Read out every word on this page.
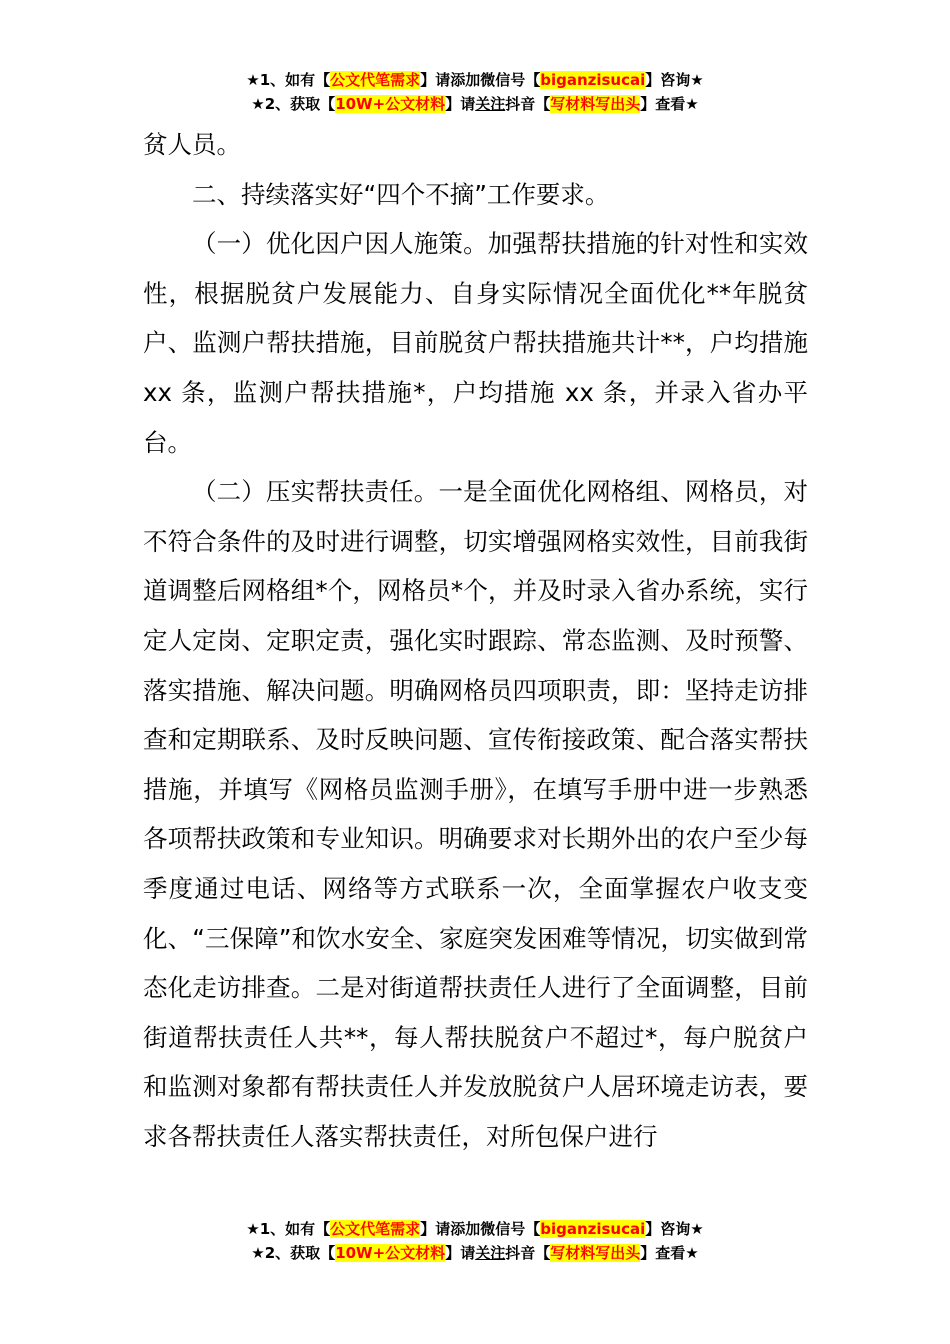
★1、如有【公文代笔需求】请添加微信号【biganzisucai】咨询★
★2、获取【10W+公文材料】请关注抖音【写材料写出头】查看★

贫人员。

二、持续落实好“四个不摘”工作要求。

（一）优化因户因人施策。加强帮扶措施的针对性和实效性，根据脱贫户发展能力、自身实际情况全面优化**年脱贫户、监测户帮扶措施，目前脱贫户帮扶措施共计**，户均措施 xx 条，监测户帮扶措施*，户均措施 xx 条，并录入省办平台。

（二）压实帮扶责任。一是全面优化网格组、网格员，对不符合条件的及时进行调整，切实增强网格实效性，目前我街道调整后网格组*个，网格员*个，并及时录入省办系统，实行定人定岗、定职定责，强化实时跟踪、常态监测、及时预警、落实措施、解决问题。明确网格员四项职责，即：坚持走访排查和定期联系、及时反映问题、宣传衔接政策、配合落实帮扶措施，并填写《网格员监测手册》，在填写手册中进一步熟悉各项帮扶政策和专业知识。明确要求对长期外出的农户至少每季度通过电话、网络等方式联系一次，全面掌握农户收支变化、“三保障”和饮水安全、家庭突发困难等情况，切实做到常态化走访排查。二是对街道帮扶责任人进行了全面调整，目前街道帮扶责任人共**，每人帮扶脱贫户不超过*，每户脱贫户和监测对象都有帮扶责任人并发放脱贫户人居环境走访表，要求各帮扶责任人落实帮扶责任，对所包保户进行

★1、如有【公文代笔需求】请添加微信号【biganzisucai】咨询★
★2、获取【10W+公文材料】请关注抖音【写材料写出头】查看★
